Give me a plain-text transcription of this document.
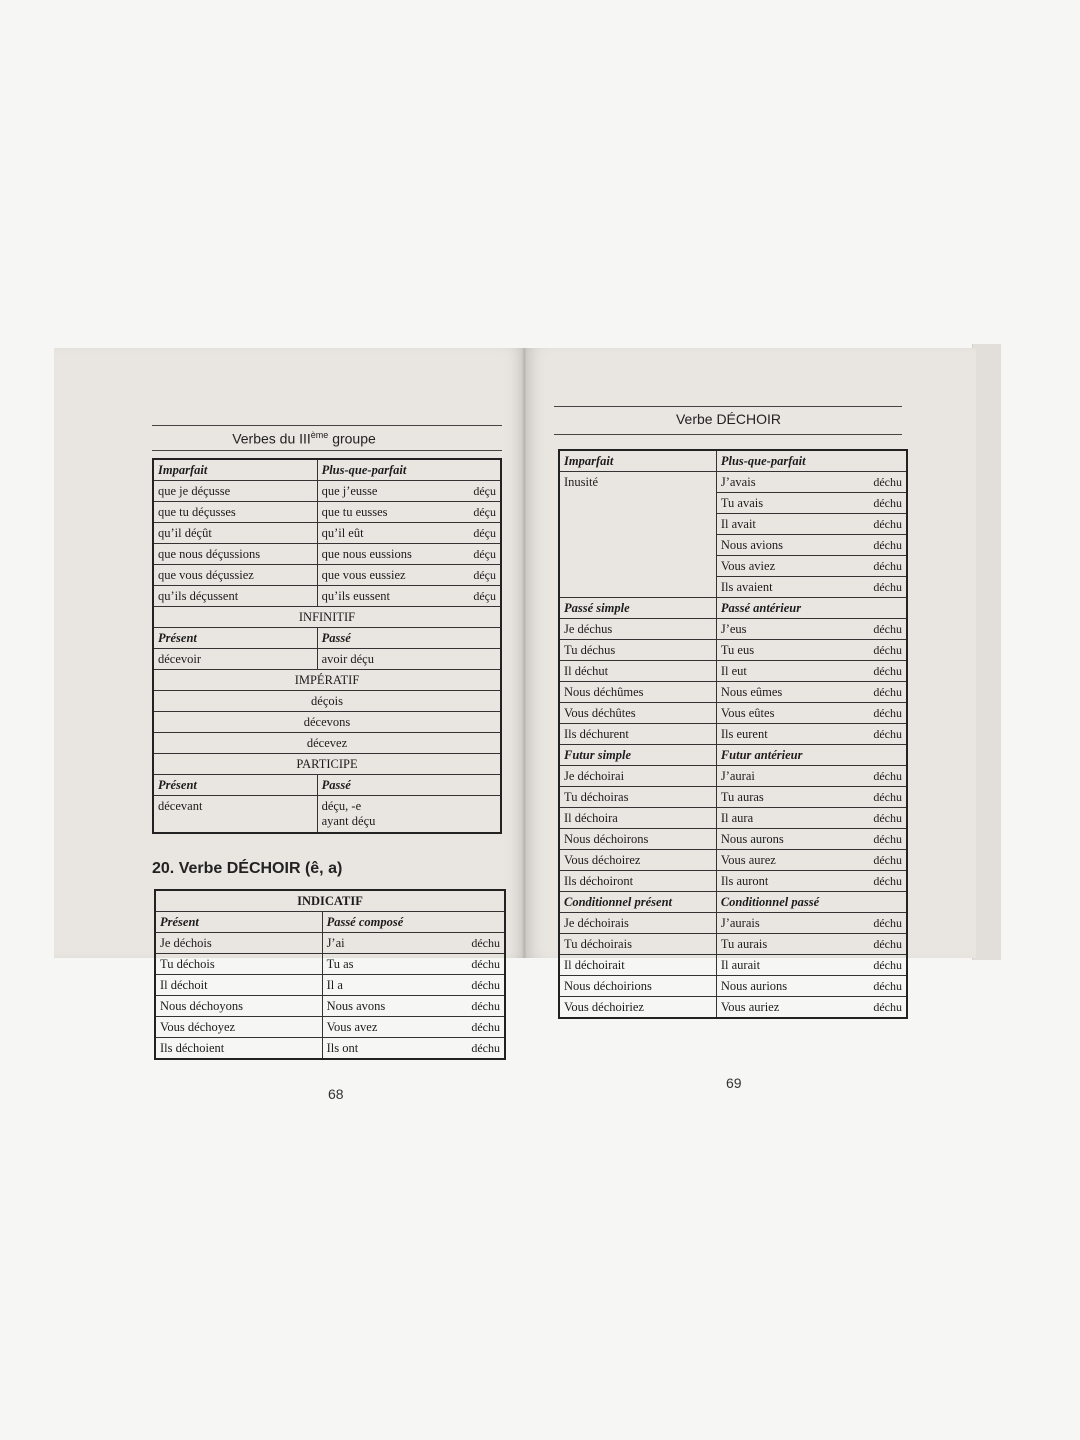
Verbes du IIIème groupe
Imparfait	Plus-que-parfait
que je déçusse	que j’eusse déçu

que tu déçusses	que tu eusses déçu

qu’il déçût	qu’il eût déçu

que nous déçussions	que nous eussions déçu

que vous déçussiez	que vous eussiez déçu

qu’ils déçussent	qu’ils eussent déçu

INFINITIF	
Présent	Passé
décevoir	avoir déçu
IMPÉRATIF	
déçois	
décevons	
décevez	
PARTICIPE	
Présent	Passé
décevant	déçu, -e
ayant déçu
20. Verbe DÉCHOIR (ê, a)
INDICATIF	
Présent	Passé composé
Je déchois	J’ai déchu

Tu déchois	Tu as déchu

Il déchoit	Il a déchu

Nous déchoyons	Nous avons déchu

Vous déchoyez	Vous avez déchu

Ils déchoient	Ils ont déchu
68
Verbe DÉCHOIR
Imparfait	Plus-que-parfait
Inusité	J’avais déchu

	Tu avais déchu

	Il avait déchu

	Nous avions déchu

	Vous aviez déchu

	Ils avaient déchu

Passé simple	Passé antérieur
Je déchus	J’eus déchu

Tu déchus	Tu eus déchu

Il déchut	Il eut déchu

Nous déchûmes	Nous eûmes déchu

Vous déchûtes	Vous eûtes déchu

Ils déchurent	Ils eurent déchu

Futur simple	Futur antérieur
Je déchoirai	J’aurai déchu

Tu déchoiras	Tu auras déchu

Il déchoira	Il aura déchu

Nous déchoirons	Nous aurons déchu

Vous déchoirez	Vous aurez déchu

Ils déchoiront	Ils auront déchu

Conditionnel présent	Conditionnel passé
Je déchoirais	J’aurais déchu

Tu déchoirais	Tu aurais déchu

Il déchoirait	Il aurait déchu

Nous déchoirions	Nous aurions déchu

Vous déchoiriez	Vous auriez déchu
69
